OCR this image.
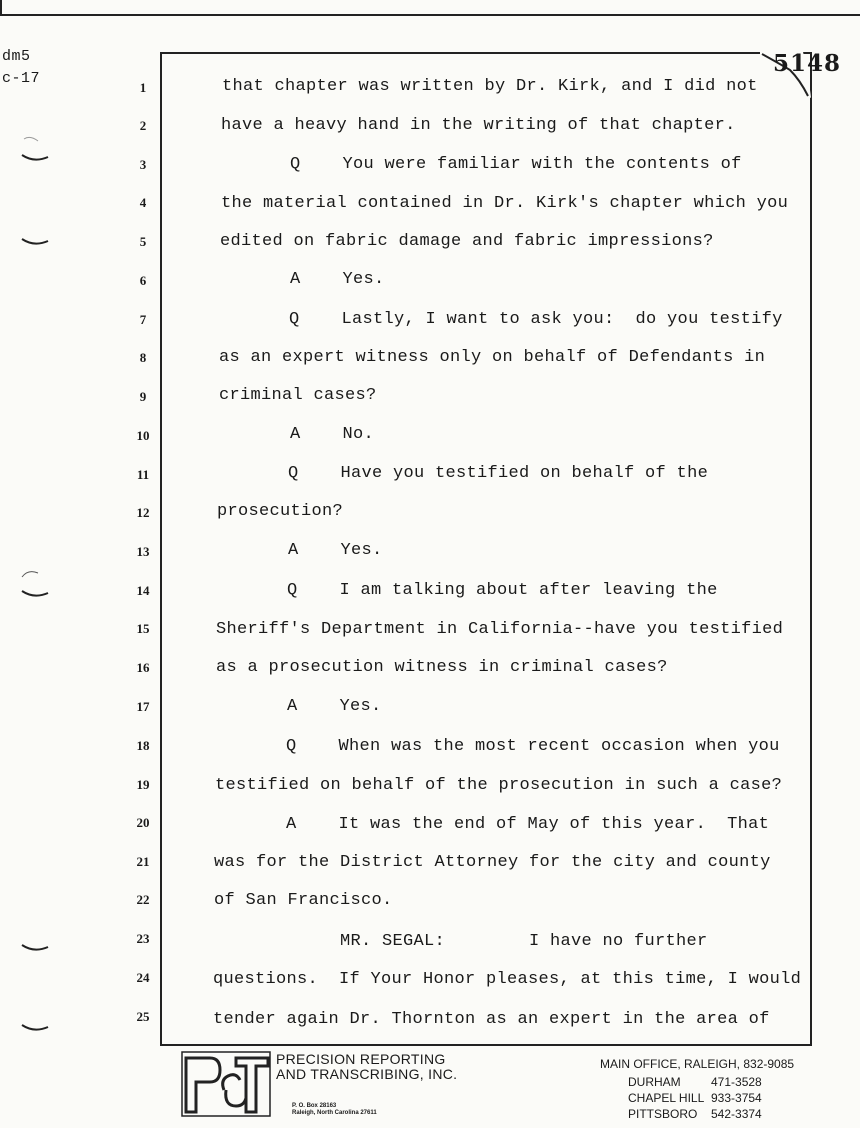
dm5
c-17
5148
1
2
3
4
5
6
7
8
9
10
11
12
13
14
15
16
17
18
19
20
21
22
23
24
25
that chapter was written by Dr. Kirk, and I did not
have a heavy hand in the writing of that chapter.
Q    You were familiar with the contents of
the material contained in Dr. Kirk's chapter which you
edited on fabric damage and fabric impressions?
A    Yes.
Q    Lastly, I want to ask you:  do you testify
as an expert witness only on behalf of Defendants in
criminal cases?
A    No.
Q    Have you testified on behalf of the
prosecution?
A    Yes.
Q    I am talking about after leaving the
Sheriff's Department in California--have you testified
as a prosecution witness in criminal cases?
A    Yes.
Q    When was the most recent occasion when you
testified on behalf of the prosecution in such a case?
A    It was the end of May of this year.  That
was for the District Attorney for the city and county
of San Francisco.
MR. SEGAL:        I have no further
questions.  If Your Honor pleases, at this time, I would
tender again Dr. Thornton as an expert in the area of
PRECISION REPORTING
AND TRANSCRIBING, INC.
P. O. Box 28163
Raleigh, North Carolina 27611
MAIN OFFICE, RALEIGH, 832-9085
DURHAM	471-3528
CHAPEL HILL 933-3754
PITTSBORO	542-3374
